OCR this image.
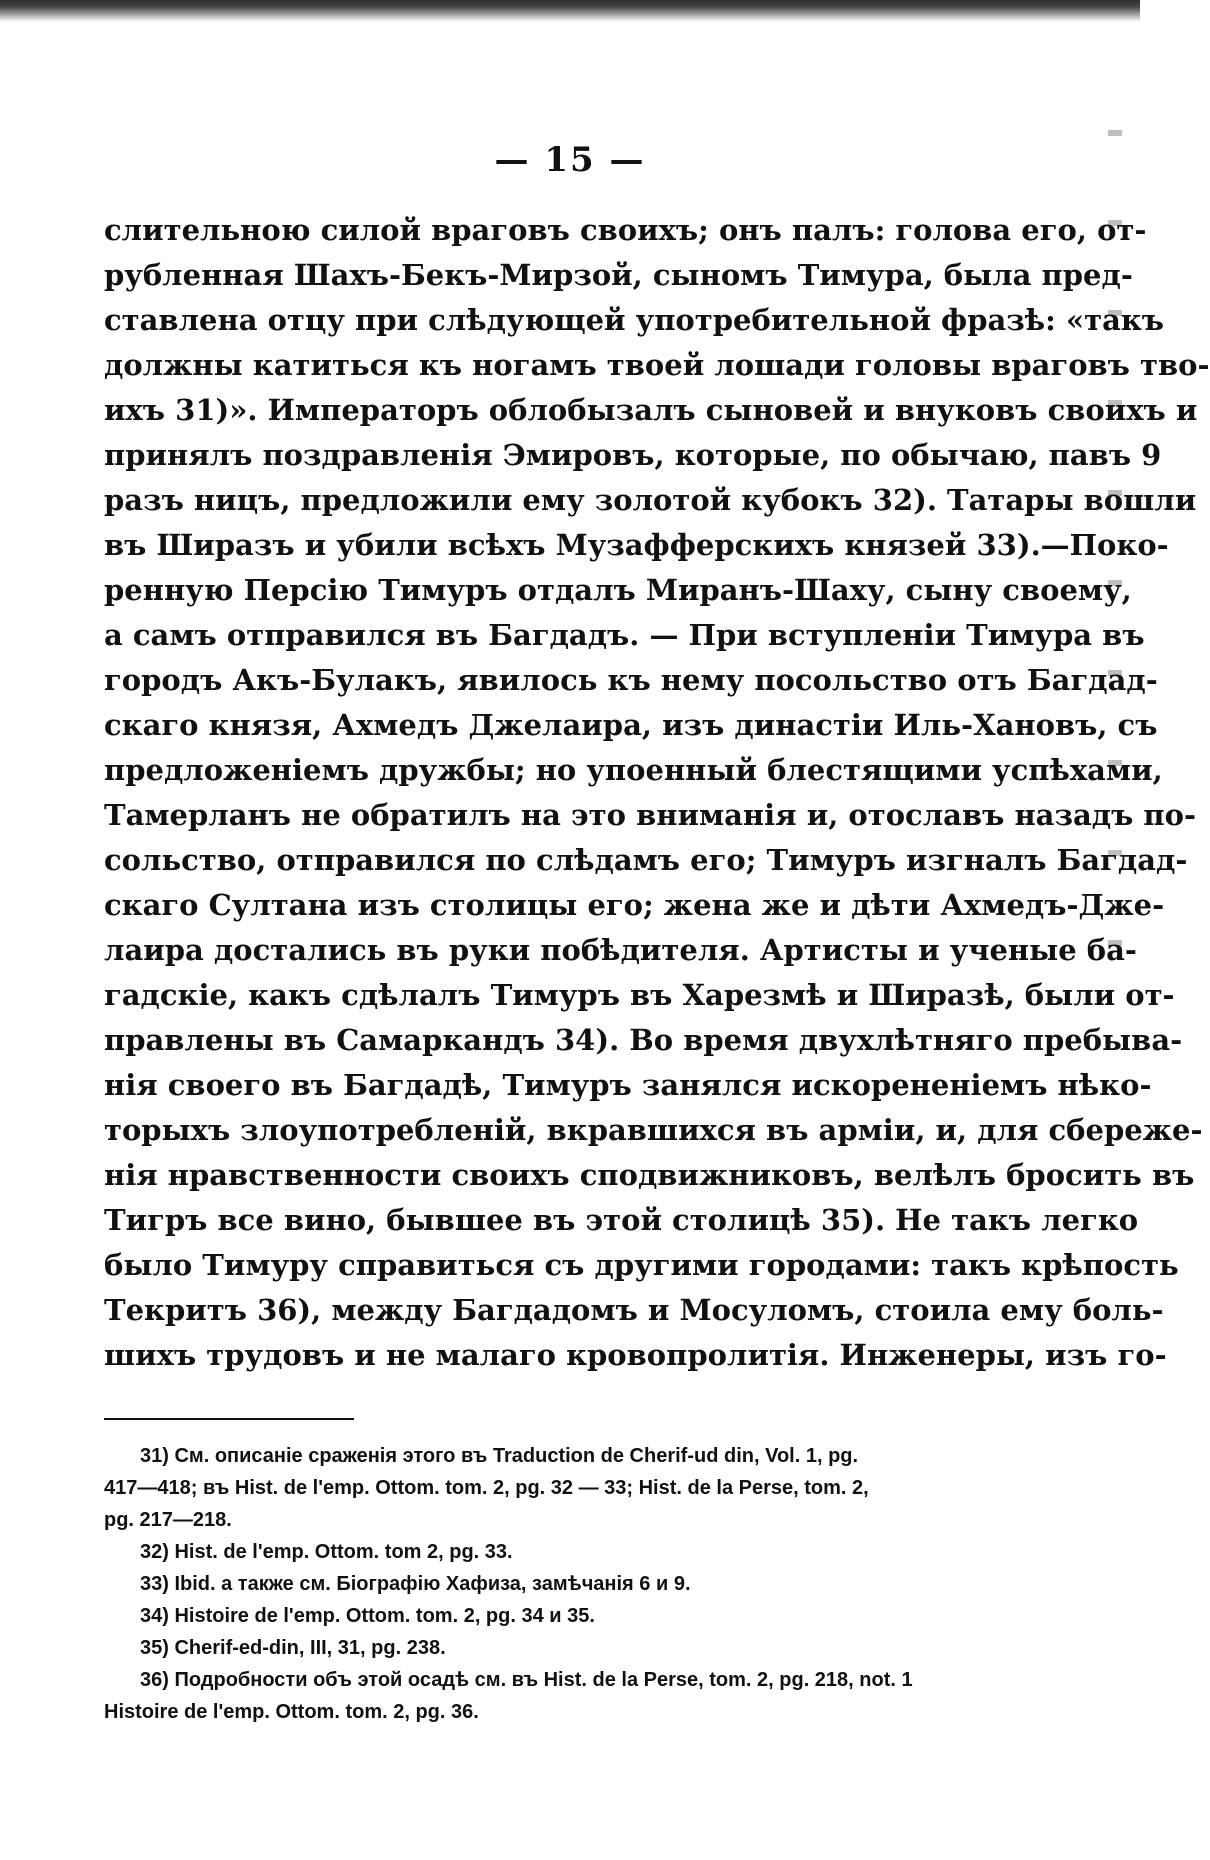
— 15 —
слительною силой враговъ своихъ; онъ палъ: голова его, от-
рубленная Шахъ-Бекъ-Мирзой, сыномъ Тимура, была пред-
ставлена отцу при слѣдующей употребительной фразѣ: «такъ
должны катиться къ ногамъ твоей лошади головы враговъ тво-
ихъ 31)». Императоръ облобызалъ сыновей и внуковъ своихъ и
принялъ поздравленія Эмировъ, которые, по обычаю, павъ 9
разъ ницъ, предложили ему золотой кубокъ 32). Татары вошли
въ Ширазъ и убили всѣхъ Музафферскихъ князей 33).—Поко-
ренную Персію Тимуръ отдалъ Миранъ-Шаху, сыну своему,
а самъ отправился въ Багдадъ. — При вступленіи Тимура въ
городъ Акъ-Булакъ, явилось къ нему посольство отъ Багдад-
скаго князя, Ахмедъ Джелаира, изъ династіи Иль-Хановъ, съ
предложеніемъ дружбы; но упоенный блестящими успѣхами,
Тамерланъ не обратилъ на это вниманія и, отославъ назадъ по-
сольство, отправился по слѣдамъ его; Тимуръ изгналъ Багдад-
скаго Султана изъ столицы его; жена же и дѣти Ахмедъ-Дже-
лаира достались въ руки побѣдителя. Артисты и ученые ба-
гадскіе, какъ сдѣлалъ Тимуръ въ Харезмѣ и Ширазѣ, были от-
правлены въ Самаркандъ 34). Во время двухлѣтняго пребыва-
нія своего въ Багдадѣ, Тимуръ занялся искорененіемъ нѣко-
торыхъ злоупотребленій, вкравшихся въ арміи, и, для сбереже-
нія нравственности своихъ сподвижниковъ, велѣлъ бросить въ
Тигръ все вино, бывшее въ этой столицѣ 35). Не такъ легко
было Тимуру справиться съ другими городами: такъ крѣпость
Текритъ 36), между Багдадомъ и Мосуломъ, стоила ему боль-
шихъ трудовъ и не малаго кровопролитія. Инженеры, изъ го-
31) См. описаніе сраженія этого въ Traduction de Cherif-ud din, Vol. 1, pg.
417—418; въ Hist. de l'emp. Ottom. tom. 2, pg. 32 — 33; Hist. de la Perse, tom. 2,
pg. 217—218.
32) Hist. de l'emp. Ottom. tom 2, pg. 33.
33) Ibid. а также см. Біографію Хафиза, замѣчанія 6 и 9.
34) Histoire de l'emp. Ottom. tom. 2, pg. 34 и 35.
35) Cherif-ed-din, III, 31, pg. 238.
36) Подробности объ этой осадѣ см. въ Hist. de la Perse, tom. 2, pg. 218, not. 1
Histoire de l'emp. Ottom. tom. 2, pg. 36.
